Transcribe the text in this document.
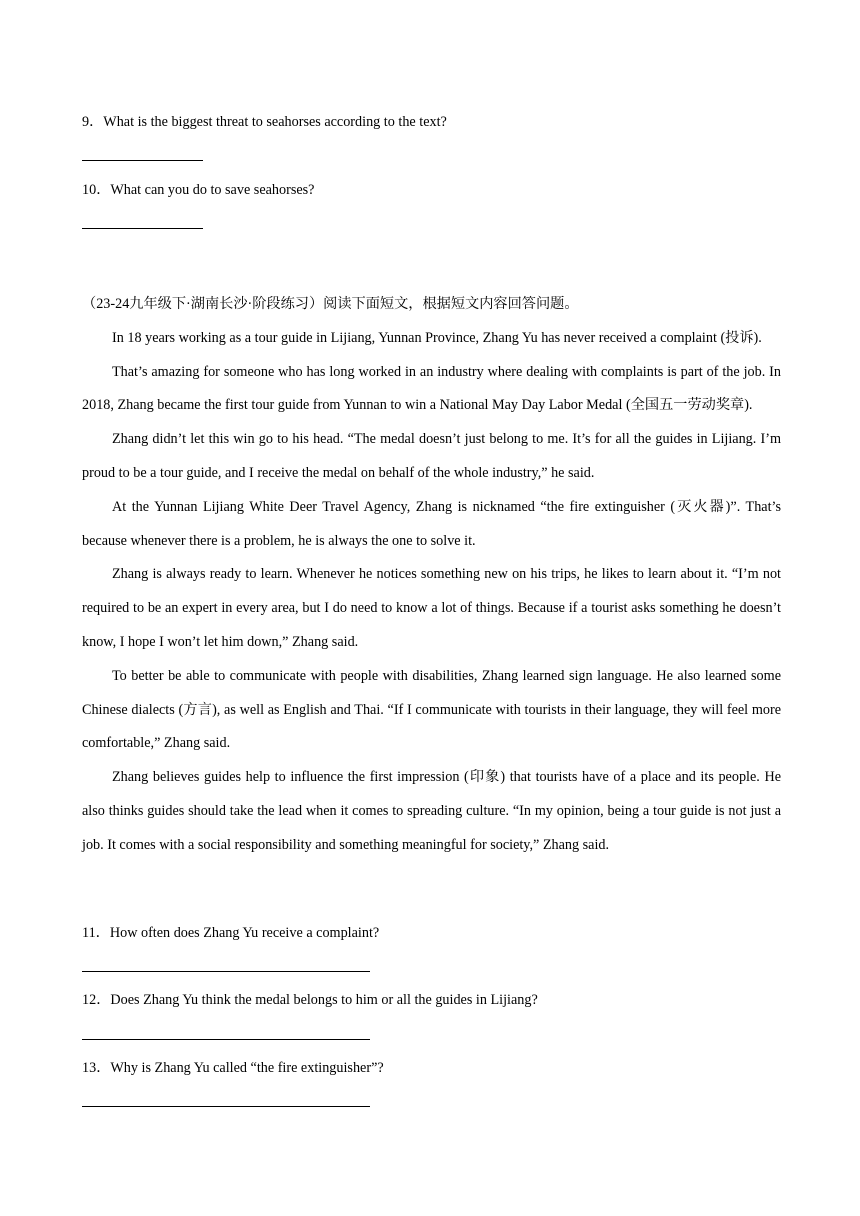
9．What is the biggest threat to seahorses according to the text?
10．What can you do to save seahorses?

（23-24九年级下·湖南长沙·阶段练习）阅读下面短文，根据短文内容回答问题。

In 18 years working as a tour guide in Lijiang, Yunnan Province, Zhang Yu has never received a complaint (投诉).

That’s amazing for someone who has long worked in an industry where dealing with complaints is part of the job. In 2018, Zhang became the first tour guide from Yunnan to win a National May Day Labor Medal (全国五一劳动奖章).

Zhang didn’t let this win go to his head. “The medal doesn’t just belong to me. It’s for all the guides in Lijiang. I’m proud to be a tour guide, and I receive the medal on behalf of the whole industry,” he said.

At the Yunnan Lijiang White Deer Travel Agency, Zhang is nicknamed “the fire extinguisher (灭火器)”. That’s because whenever there is a problem, he is always the one to solve it.

Zhang is always ready to learn. Whenever he notices something new on his trips, he likes to learn about it. “I’m not required to be an expert in every area, but I do need to know a lot of things. Because if a tourist asks something he doesn’t know, I hope I won’t let him down,” Zhang said.

To better be able to communicate with people with disabilities, Zhang learned sign language. He also learned some Chinese dialects (方言), as well as English and Thai. “If I communicate with tourists in their language, they will feel more comfortable,” Zhang said.

Zhang believes guides help to influence the first impression (印象) that tourists have of a place and its people. He also thinks guides should take the lead when it comes to spreading culture. “In my opinion, being a tour guide is not just a job. It comes with a social responsibility and something meaningful for society,” Zhang said.

11．How often does Zhang Yu receive a complaint?
12．Does Zhang Yu think the medal belongs to him or all the guides in Lijiang?
13．Why is Zhang Yu called “the fire extinguisher”?
